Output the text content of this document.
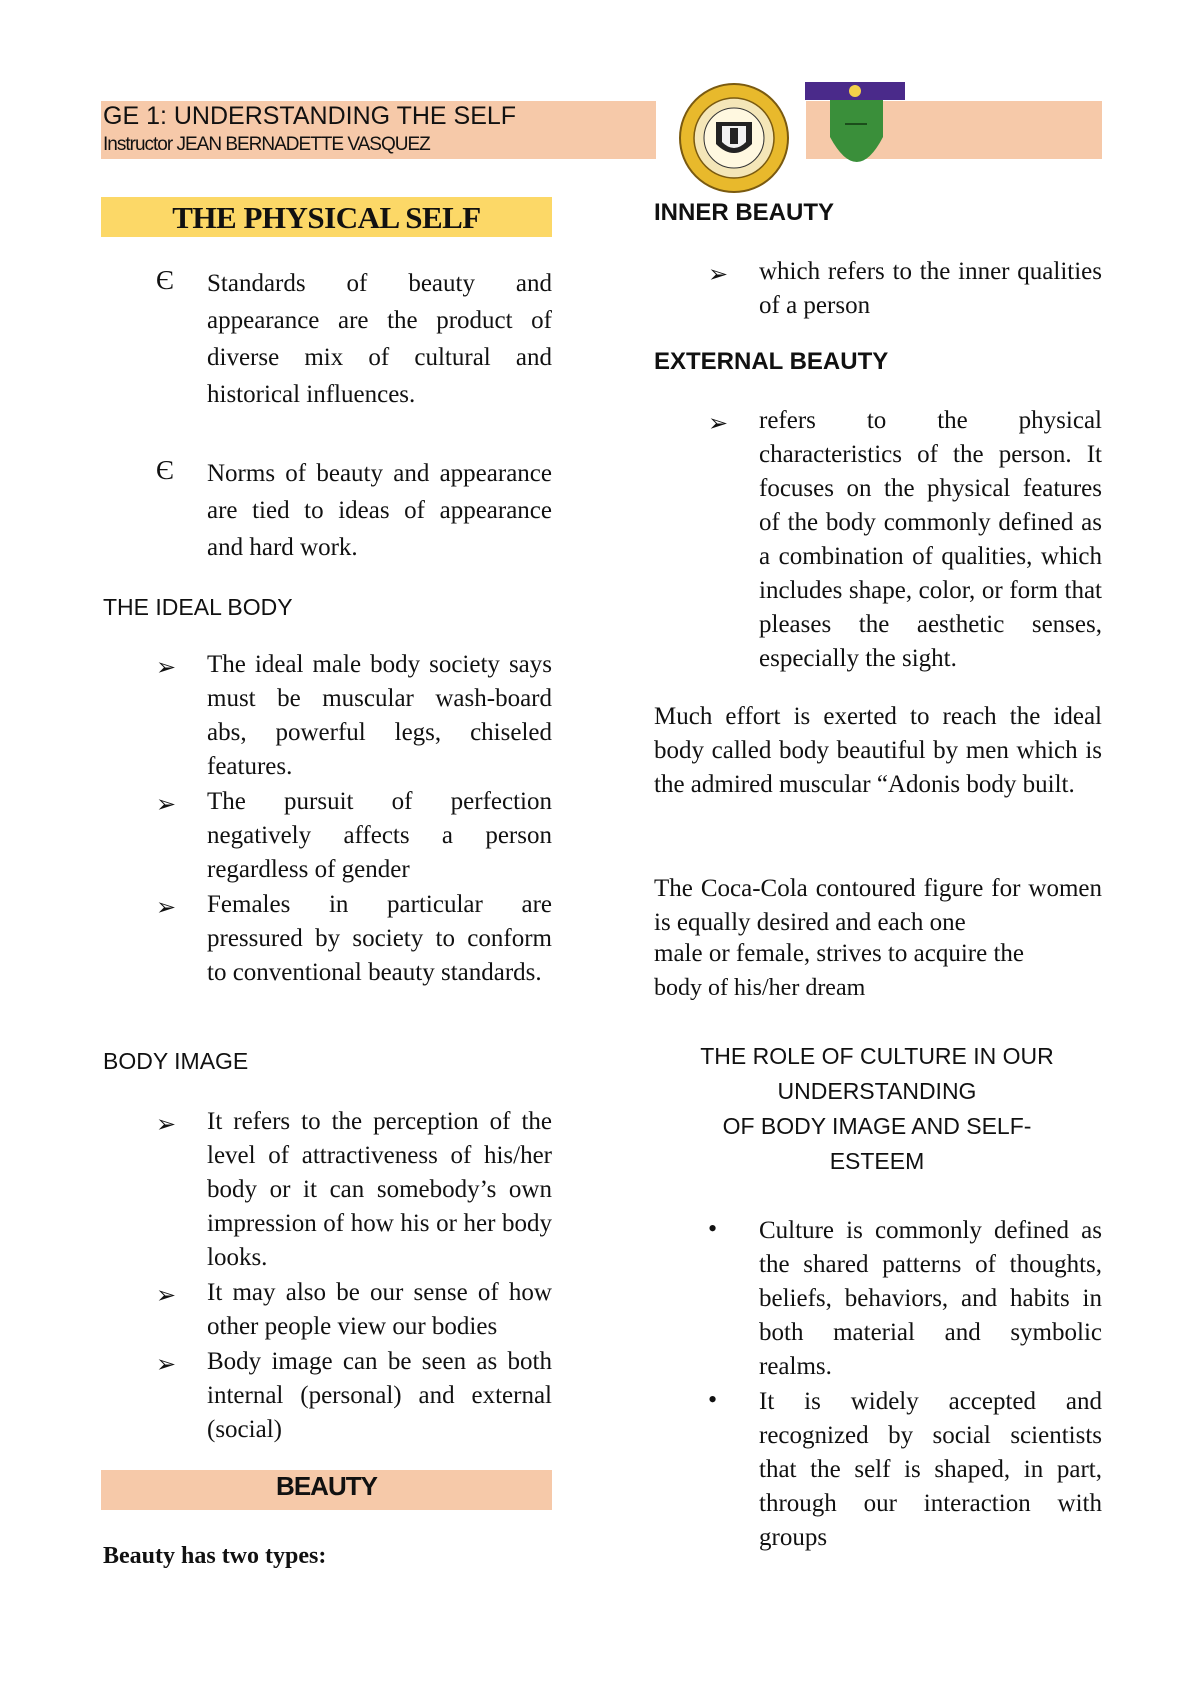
GE 1: UNDERSTANDING THE SELF
Instructor JEAN BERNADETTE VASQUEZ
THE PHYSICAL SELF
Є Standards of beauty and appearance are the product of diverse mix of cultural and historical influences.
Є Norms of beauty and appearance are tied to ideas of appearance and hard work.
THE IDEAL BODY
➢ The ideal male body society says must be muscular wash-board abs, powerful legs, chiseled features.
➢ The pursuit of perfection negatively affects a person regardless of gender
➢ Females in particular are pressured by society to conform to conventional beauty standards.
BODY IMAGE
➢ It refers to the perception of the level of attractiveness of his/her body or it can somebody’s own impression of how his or her body looks.
➢ It may also be our sense of how other people view our bodies
➢ Body image can be seen as both internal (personal) and external (social)
BEAUTY
Beauty has two types:
INNER BEAUTY
➢ which refers to the inner qualities of a person
EXTERNAL BEAUTY
➢ refers to the physical characteristics of the person. It focuses on the physical features of the body commonly defined as a combination of qualities, which includes shape, color, or form that pleases the aesthetic senses, especially the sight.
Much effort is exerted to reach the ideal body called body beautiful by men which is the admired muscular “Adonis body built.
The Coca-Cola contoured figure for women is equally desired and each one
male or female, strives to acquire the
body of his/her dream
THE ROLE OF CULTURE IN OUR
UNDERSTANDING
OF BODY IMAGE AND SELF-
ESTEEM
• Culture is commonly defined as the shared patterns of thoughts, beliefs, behaviors, and habits in both material and symbolic realms.
• It is widely accepted and recognized by social scientists that the self is shaped, in part, through our interaction with groups
